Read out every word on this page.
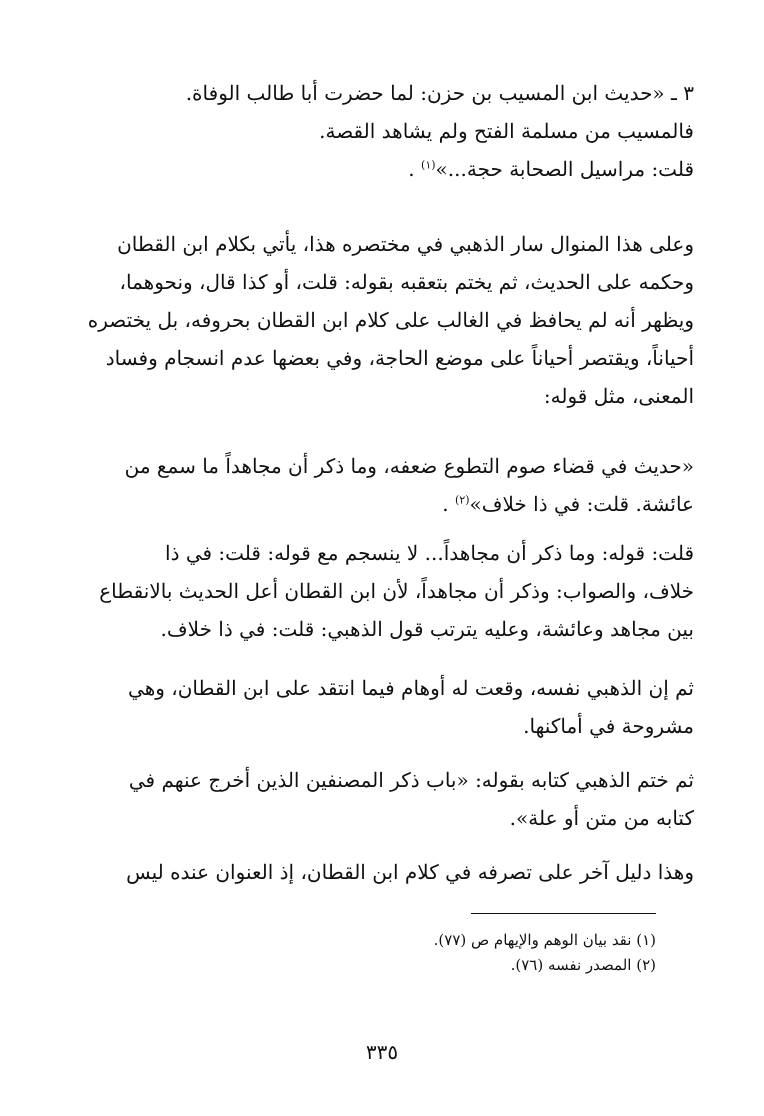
٣ ـ «حديث ابن المسيب بن حزن: لما حضرت أبا طالب الوفاة.
فالمسيب من مسلمة الفتح ولم يشاهد القصة.
قلت: مراسيل الصحابة حجة...»$^{(١)}$ .
وعلى هذا المنوال سار الذهبي في مختصره هذا، يأتي بكلام ابن القطان
وحكمه على الحديث، ثم يختم بتعقبه بقوله: قلت، أو كذا قال، ونحوهما،
ويظهر أنه لم يحافظ في الغالب على كلام ابن القطان بحروفه، بل يختصره
أحياناً، ويقتصر أحياناً على موضع الحاجة، وفي بعضها عدم انسجام وفساد
المعنى، مثل قوله:
«حديث في قضاء صوم التطوع ضعفه، وما ذكر أن مجاهداً ما سمع من
عائشة. قلت: في ذا خلاف»$^{(٢)}$ .
قلت: قوله: وما ذكر أن مجاهداً... لا ينسجم مع قوله: قلت: في ذا
خلاف، والصواب: وذكر أن مجاهداً، لأن ابن القطان أعل الحديث بالانقطاع
بين مجاهد وعائشة، وعليه يترتب قول الذهبي: قلت: في ذا خلاف.
ثم إن الذهبي نفسه، وقعت له أوهام فيما انتقد على ابن القطان، وهي
مشروحة في أماكنها.
ثم ختم الذهبي كتابه بقوله: «باب ذكر المصنفين الذين أخرج عنهم في
كتابه من متن أو علة».
وهذا دليل آخر على تصرفه في كلام ابن القطان، إذ العنوان عنده ليس
(١) نقد بيان الوهم والإيهام ص (٧٧).
(٢) المصدر نفسه (٧٦).
٣٣٥
